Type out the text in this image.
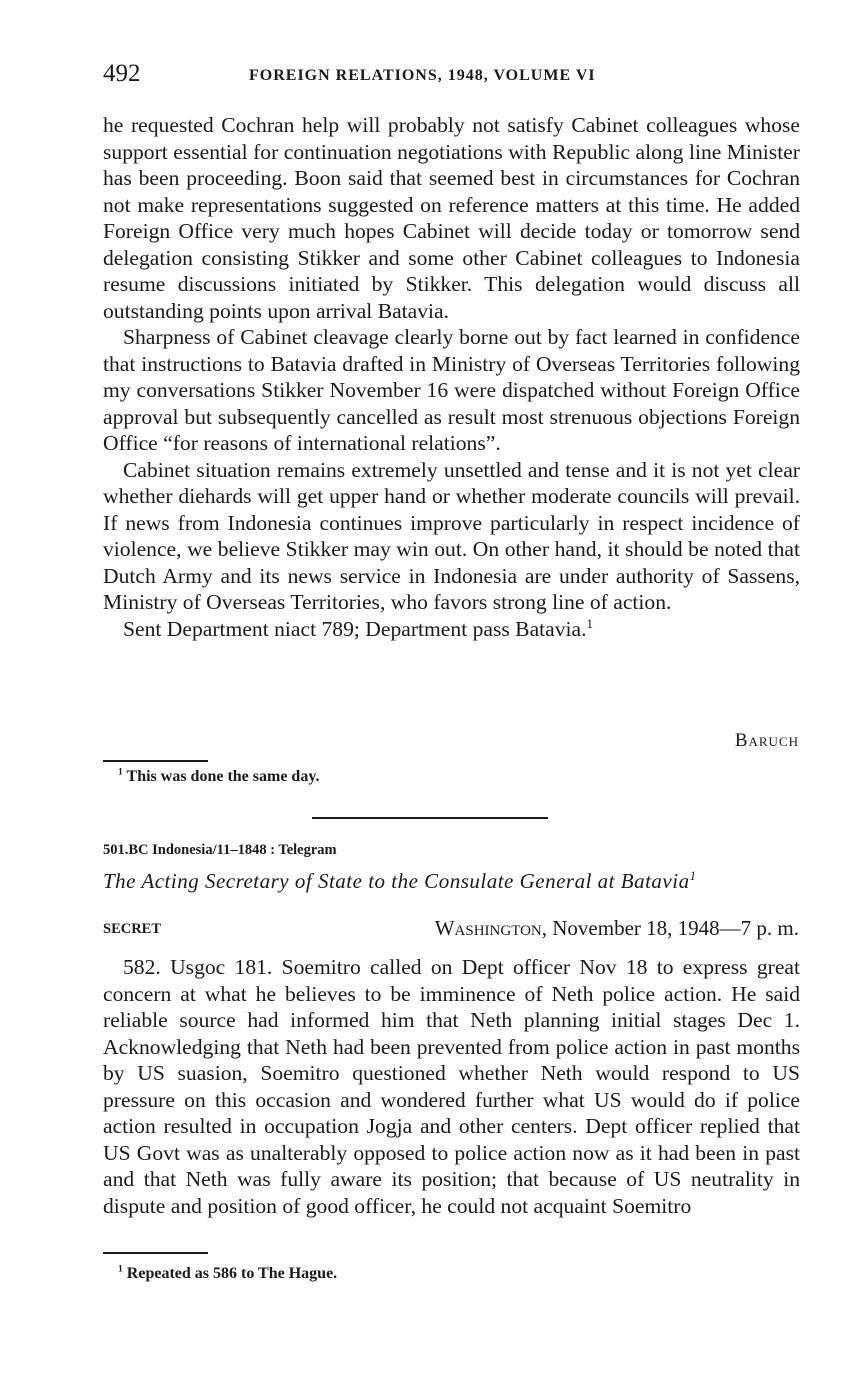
492	FOREIGN RELATIONS, 1948, VOLUME VI

he requested Cochran help will probably not satisfy Cabinet colleagues whose support essential for continuation negotiations with Republic along line Minister has been proceeding. Boon said that seemed best in circumstances for Cochran not make representations suggested on reference matters at this time. He added Foreign Office very much hopes Cabinet will decide today or tomorrow send delegation consisting Stikker and some other Cabinet colleagues to Indonesia resume discussions initiated by Stikker. This delegation would discuss all outstanding points upon arrival Batavia.

Sharpness of Cabinet cleavage clearly borne out by fact learned in confidence that instructions to Batavia drafted in Ministry of Overseas Territories following my conversations Stikker November 16 were dispatched without Foreign Office approval but subsequently cancelled as result most strenuous objections Foreign Office “for reasons of international relations”.

Cabinet situation remains extremely unsettled and tense and it is not yet clear whether diehards will get upper hand or whether moderate councils will prevail. If news from Indonesia continues improve particularly in respect incidence of violence, we believe Stikker may win out. On other hand, it should be noted that Dutch Army and its news service in Indonesia are under authority of Sassens, Ministry of Overseas Territories, who favors strong line of action.

Sent Department niact 789; Department pass Batavia.$^1$

Baruch
$^1$ This was done the same day.
501.BC Indonesia/11–1848 : Telegram
The Acting Secretary of State to the Consulate General at Batavia$^1$
SECRET	Washington, November 18, 1948—7 p. m.

582. Usgoc 181. Soemitro called on Dept officer Nov 18 to express great concern at what he believes to be imminence of Neth police action. He said reliable source had informed him that Neth planning initial stages Dec 1. Acknowledging that Neth had been prevented from police action in past months by US suasion, Soemitro questioned whether Neth would respond to US pressure on this occasion and wondered further what US would do if police action resulted in occupation Jogja and other centers. Dept officer replied that US Govt was as unalterably opposed to police action now as it had been in past and that Neth was fully aware its position; that because of US neutrality in dispute and position of good officer, he could not acquaint Soemitro

$^1$ Repeated as 586 to The Hague.
